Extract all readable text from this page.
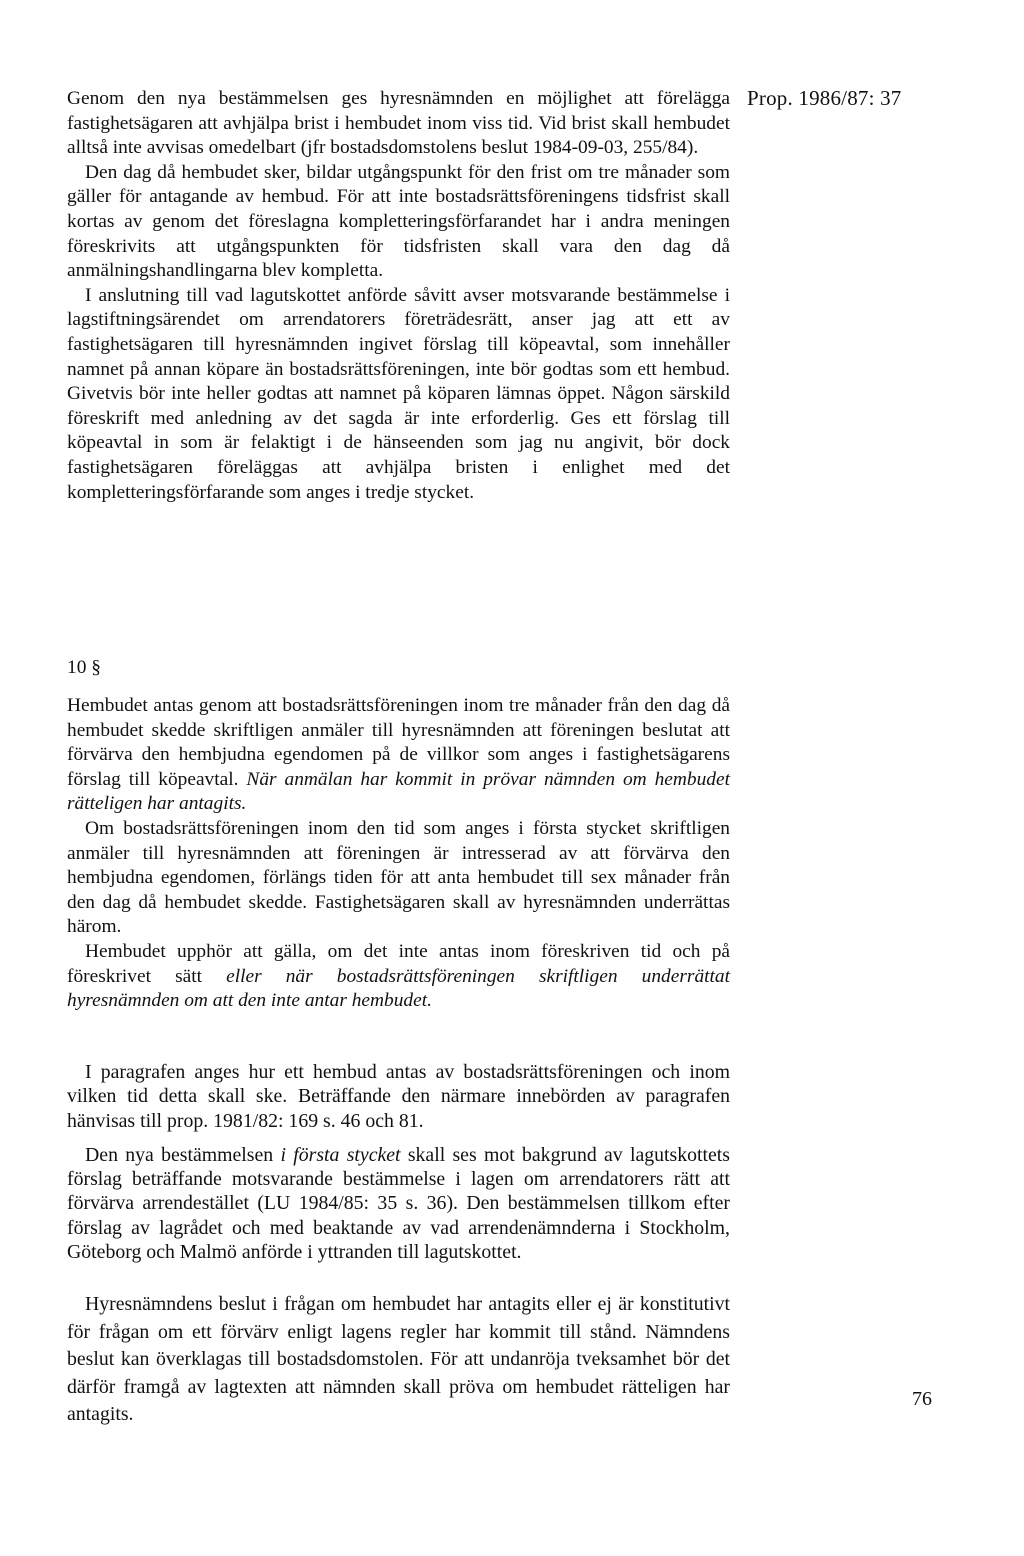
Prop. 1986/87: 37

Genom den nya bestämmelsen ges hyresnämnden en möjlighet att förelägga fastighetsägaren att avhjälpa brist i hembudet inom viss tid. Vid brist skall hembudet alltså inte avvisas omedelbart (jfr bostadsdomstolens beslut 1984-09-03, 255/84).

Den dag då hembudet sker, bildar utgångspunkt för den frist om tre månader som gäller för antagande av hembud. För att inte bostadsrättsföreningens tidsfrist skall kortas av genom det föreslagna kompletteringsförfarandet har i andra meningen föreskrivits att utgångspunkten för tidsfristen skall vara den dag då anmälningshandlingarna blev kompletta.

I anslutning till vad lagutskottet anförde såvitt avser motsvarande bestämmelse i lagstiftningsärendet om arrendatorers företrädesrätt, anser jag att ett av fastighetsägaren till hyresnämnden ingivet förslag till köpeavtal, som innehåller namnet på annan köpare än bostadsrättsföreningen, inte bör godtas som ett hembud. Givetvis bör inte heller godtas att namnet på köparen lämnas öppet. Någon särskild föreskrift med anledning av det sagda är inte erforderlig. Ges ett förslag till köpeavtal in som är felaktigt i de hänseenden som jag nu angivit, bör dock fastighetsägaren föreläggas att avhjälpa bristen i enlighet med det kompletteringsförfarande som anges i tredje stycket.

10 §

Hembudet antas genom att bostadsrättsföreningen inom tre månader från den dag då hembudet skedde skriftligen anmäler till hyresnämnden att föreningen beslutat att förvärva den hembjudna egendomen på de villkor som anges i fastighetsägarens förslag till köpeavtal. När anmälan har kommit in prövar nämnden om hembudet rätteligen har antagits.

Om bostadsrättsföreningen inom den tid som anges i första stycket skriftligen anmäler till hyresnämnden att föreningen är intresserad av att förvärva den hembjudna egendomen, förlängs tiden för att anta hembudet till sex månader från den dag då hembudet skedde. Fastighetsägaren skall av hyresnämnden underrättas härom.

Hembudet upphör att gälla, om det inte antas inom föreskriven tid och på föreskrivet sätt eller när bostadsrättsföreningen skriftligen underrättat hyresnämnden om att den inte antar hembudet.

I paragrafen anges hur ett hembud antas av bostadsrättsföreningen och inom vilken tid detta skall ske. Beträffande den närmare innebörden av paragrafen hänvisas till prop. 1981/82: 169 s. 46 och 81.

Den nya bestämmelsen i första stycket skall ses mot bakgrund av lagutskottets förslag beträffande motsvarande bestämmelse i lagen om arrendatorers rätt att förvärva arrendestället (LU 1984/85: 35 s. 36). Den bestämmelsen tillkom efter förslag av lagrådet och med beaktande av vad arrendenämnderna i Stockholm, Göteborg och Malmö anförde i yttranden till lagutskottet.

Hyresnämndens beslut i frågan om hembudet har antagits eller ej är konstitutivt för frågan om ett förvärv enligt lagens regler har kommit till stånd. Nämndens beslut kan överklagas till bostadsdomstolen. För att undanröja tveksamhet bör det därför framgå av lagtexten att nämnden skall pröva om hembudet rätteligen har antagits.

76
